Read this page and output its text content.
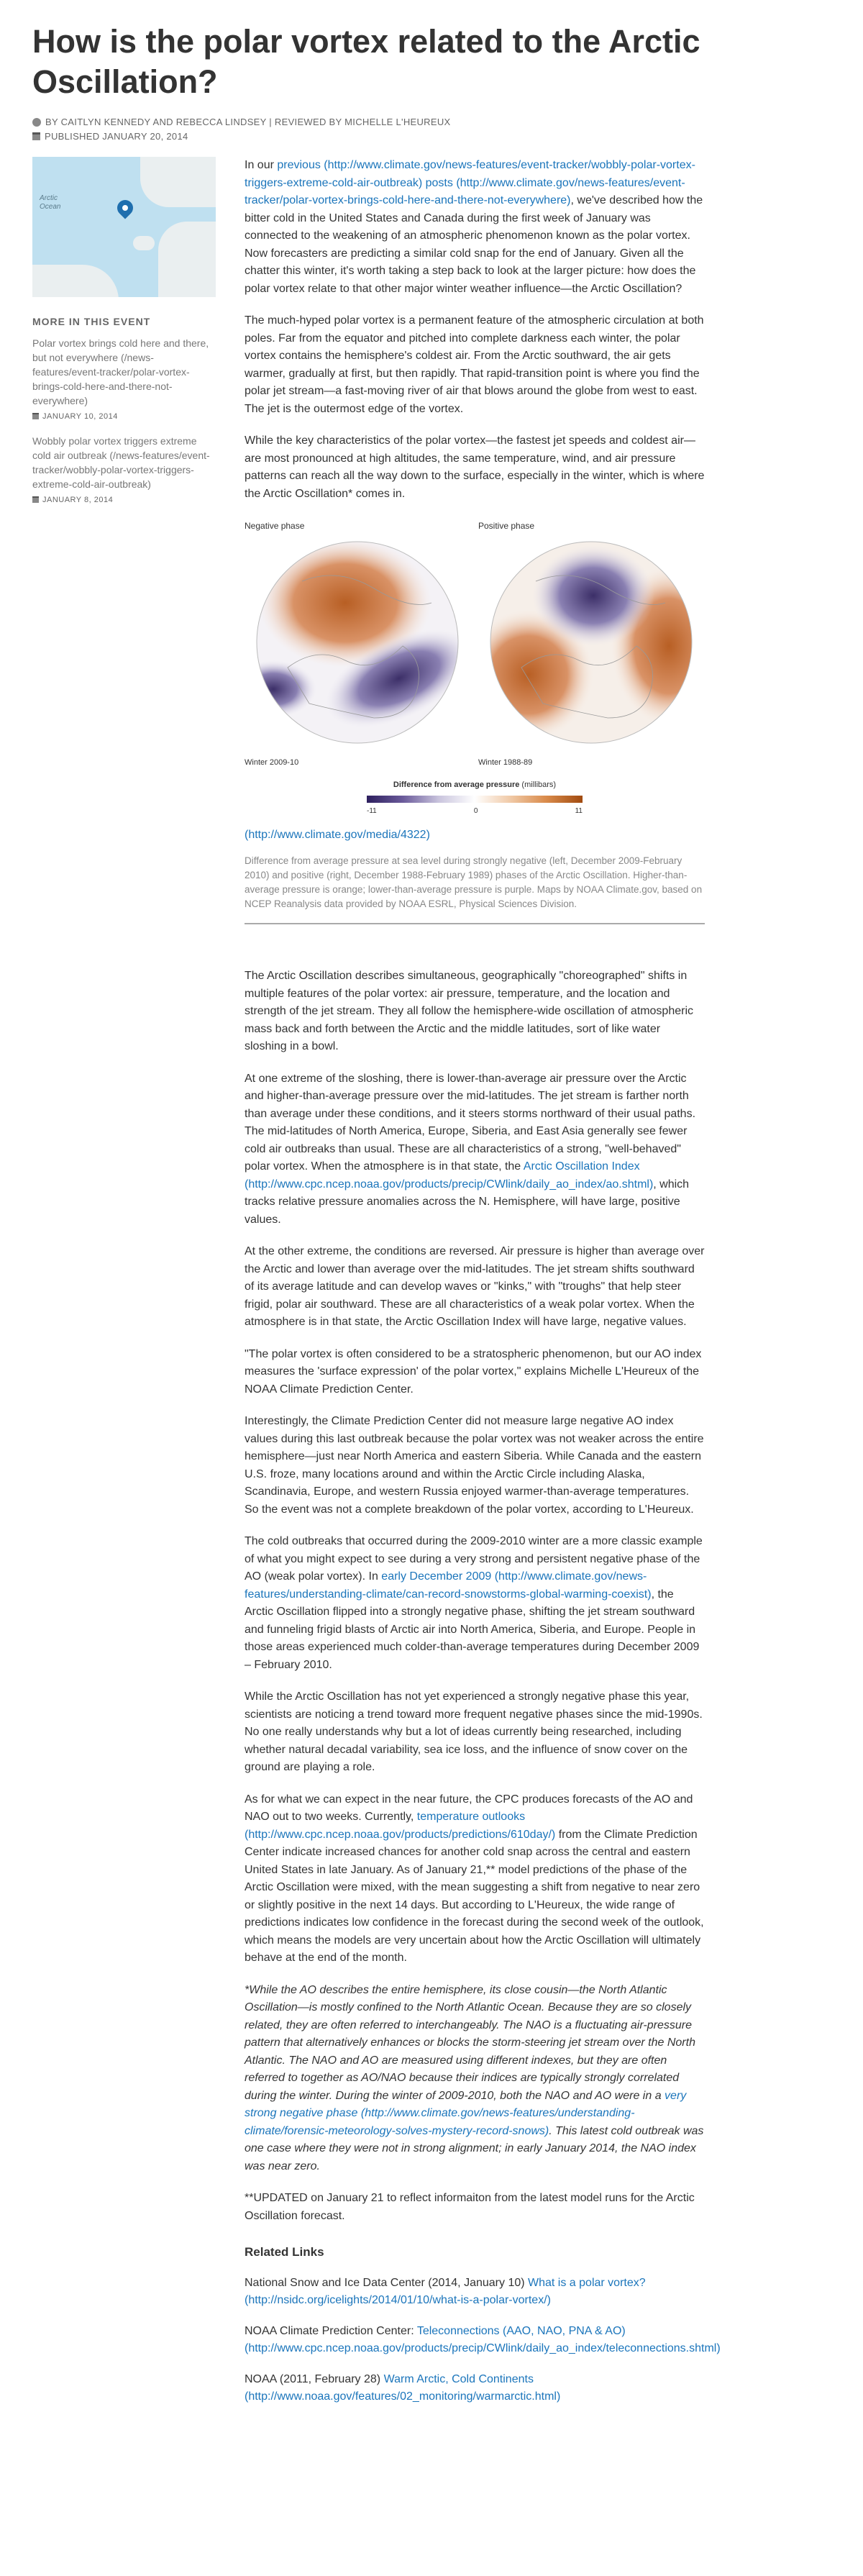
How is the polar vortex related to the Arctic Oscillation?
BY CAITLYN KENNEDY AND REBECCA LINDSEY | REVIEWED BY MICHELLE L'HEUREUX
PUBLISHED JANUARY 20, 2014
Arctic
Ocean
MORE IN THIS EVENT
Polar vortex brings cold here and there, but not everywhere (/news-features/event-tracker/polar-vortex-brings-cold-here-and-there-not-everywhere)
JANUARY 10, 2014
Wobbly polar vortex triggers extreme cold air outbreak (/news-features/event-tracker/wobbly-polar-vortex-triggers-extreme-cold-air-outbreak)
JANUARY 8, 2014

In our previous (http://www.climate.gov/news-features/event-tracker/wobbly-polar-vortex-triggers-extreme-cold-air-outbreak) posts (http://www.climate.gov/news-features/event-tracker/polar-vortex-brings-cold-here-and-there-not-everywhere), we've described how the bitter cold in the United States and Canada during the first week of January was connected to the weakening of an atmospheric phenomenon known as the polar vortex. Now forecasters are predicting a similar cold snap for the end of January. Given all the chatter this winter, it's worth taking a step back to look at the larger picture: how does the polar vortex relate to that other major winter weather influence—the Arctic Oscillation?

The much-hyped polar vortex is a permanent feature of the atmospheric circulation at both poles. Far from the equator and pitched into complete darkness each winter, the polar vortex contains the hemisphere's coldest air. From the Arctic southward, the air gets warmer, gradually at first, but then rapidly. That rapid-transition point is where you find the polar jet stream—a fast-moving river of air that blows around the globe from west to east. The jet is the outermost edge of the vortex.

While the key characteristics of the polar vortex—the fastest jet speeds and coldest air—are most pronounced at high altitudes, the same temperature, wind, and air pressure patterns can reach all the way down to the surface, especially in the winter, which is where the Arctic Oscillation* comes in.

Negative phase
Winter 2009-10
Positive phase
Winter 1988-89
Difference from average pressure (millibars)
-11	0	11
(http://www.climate.gov/media/4322)
Difference from average pressure at sea level during strongly negative (left, December 2009-February 2010) and positive (right, December 1988-February 1989) phases of the Arctic Oscillation. Higher-than-average pressure is orange; lower-than-average pressure is purple. Maps by NOAA Climate.gov, based on NCEP Reanalysis data provided by NOAA ESRL, Physical Sciences Division.

The Arctic Oscillation describes simultaneous, geographically "choreographed" shifts in multiple features of the polar vortex: air pressure, temperature, and the location and strength of the jet stream. They all follow the hemisphere-wide oscillation of atmospheric mass back and forth between the Arctic and the middle latitudes, sort of like water sloshing in a bowl.

At one extreme of the sloshing, there is lower-than-average air pressure over the Arctic and higher-than-average pressure over the mid-latitudes. The jet stream is farther north than average under these conditions, and it steers storms northward of their usual paths. The mid-latitudes of North America, Europe, Siberia, and East Asia generally see fewer cold air outbreaks than usual. These are all characteristics of a strong, "well-behaved" polar vortex. When the atmosphere is in that state, the Arctic Oscillation Index (http://www.cpc.ncep.noaa.gov/products/precip/CWlink/daily_ao_index/ao.shtml), which tracks relative pressure anomalies across the N. Hemisphere, will have large, positive values.

At the other extreme, the conditions are reversed. Air pressure is higher than average over the Arctic and lower than average over the mid-latitudes. The jet stream shifts southward of its average latitude and can develop waves or "kinks," with "troughs" that help steer frigid, polar air southward. These are all characteristics of a weak polar vortex. When the atmosphere is in that state, the Arctic Oscillation Index will have large, negative values.

"The polar vortex is often considered to be a stratospheric phenomenon, but our AO index measures the 'surface expression' of the polar vortex," explains Michelle L'Heureux of the NOAA Climate Prediction Center.

Interestingly, the Climate Prediction Center did not measure large negative AO index values during this last outbreak because the polar vortex was not weaker across the entire hemisphere—just near North America and eastern Siberia. While Canada and the eastern U.S. froze, many locations around and within the Arctic Circle including Alaska, Scandinavia, Europe, and western Russia enjoyed warmer-than-average temperatures. So the event was not a complete breakdown of the polar vortex, according to L'Heureux.

The cold outbreaks that occurred during the 2009-2010 winter are a more classic example of what you might expect to see during a very strong and persistent negative phase of the AO (weak polar vortex). In early December 2009 (http://www.climate.gov/news-features/understanding-climate/can-record-snowstorms-global-warming-coexist), the Arctic Oscillation flipped into a strongly negative phase, shifting the jet stream southward and funneling frigid blasts of Arctic air into North America, Siberia, and Europe. People in those areas experienced much colder-than-average temperatures during December 2009 – February 2010.

While the Arctic Oscillation has not yet experienced a strongly negative phase this year, scientists are noticing a trend toward more frequent negative phases since the mid-1990s. No one really understands why but a lot of ideas currently being researched, including whether natural decadal variability, sea ice loss, and the influence of snow cover on the ground are playing a role.

As for what we can expect in the near future, the CPC produces forecasts of the AO and NAO out to two weeks. Currently, temperature outlooks (http://www.cpc.ncep.noaa.gov/products/predictions/610day/) from the Climate Prediction Center indicate increased chances for another cold snap across the central and eastern United States in late January. As of January 21,** model predictions of the phase of the Arctic Oscillation were mixed, with the mean suggesting a shift from negative to near zero or slightly positive in the next 14 days. But according to L'Heureux, the wide range of predictions indicates low confidence in the forecast during the second week of the outlook, which means the models are very uncertain about how the Arctic Oscillation will ultimately behave at the end of the month.

*While the AO describes the entire hemisphere, its close cousin—the North Atlantic Oscillation—is mostly confined to the North Atlantic Ocean. Because they are so closely related, they are often referred to interchangeably. The NAO is a fluctuating air-pressure pattern that alternatively enhances or blocks the storm-steering jet stream over the North Atlantic. The NAO and AO are measured using different indexes, but they are often referred to together as AO/NAO because their indices are typically strongly correlated during the winter. During the winter of 2009-2010, both the NAO and AO were in a very strong negative phase (http://www.climate.gov/news-features/understanding-climate/forensic-meteorology-solves-mystery-record-snows). This latest cold outbreak was one case where they were not in strong alignment; in early January 2014, the NAO index was near zero.

**UPDATED on January 21 to reflect informaiton from the latest model runs for the Arctic Oscillation forecast.

Related Links

National Snow and Ice Data Center (2014, January 10) What is a polar vortex? (http://nsidc.org/icelights/2014/01/10/what-is-a-polar-vortex/)

NOAA Climate Prediction Center: Teleconnections (AAO, NAO, PNA & AO) (http://www.cpc.ncep.noaa.gov/products/precip/CWlink/daily_ao_index/teleconnections.shtml)

NOAA (2011, February 28) Warm Arctic, Cold Continents (http://www.noaa.gov/features/02_monitoring/warmarctic.html)
